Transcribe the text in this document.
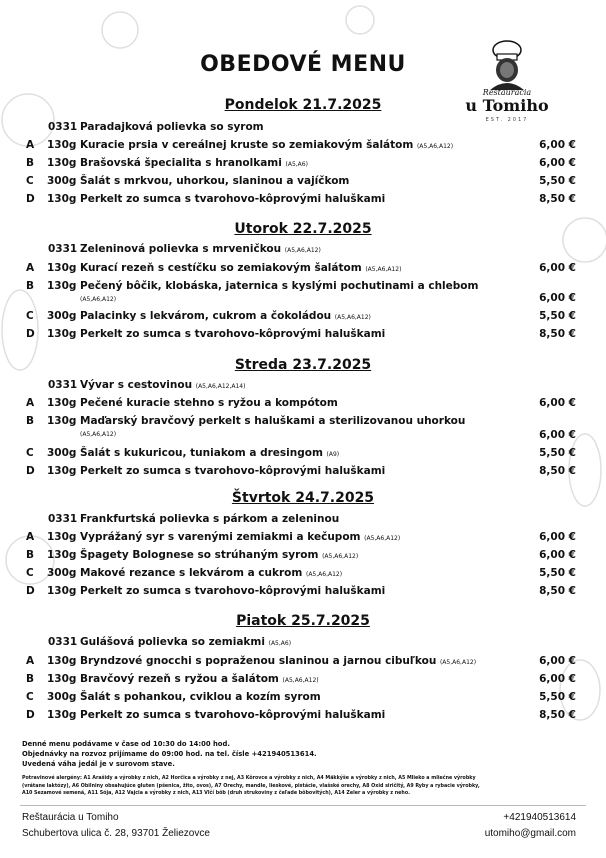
OBEDOVÉ MENU
Reštaurácia
u Tomiho
EST. 2017
Pondelok 21.7.2025
0331 Paradajková polievka so syrom
A 130g Kuracie prsia v cereálnej kruste so zemiakovým šalátom (A5,A6,A12)	6,00 €
B 130g Brašovská špecialita s hranolkami (A5,A6)	6,00 €
C 300g Šalát s mrkvou, uhorkou, slaninou a vajíčkom	5,50 €
D 130g Perkelt zo sumca s tvarohovo-kôprovými haluškami	8,50 €
Utorok 22.7.2025
0331 Zeleninová polievka s mrveničkou (A5,A6,A12)
A 130g Kurací rezeň s cestíčku so zemiakovým šalátom (A5,A6,A12)	6,00 €
B 130g Pečený bôčik, klobáska, jaternica s kyslými pochutinami a chlebom
(A5,A6,A12)	6,00 €
C 300g Palacinky s lekvárom, cukrom a čokoládou (A5,A6,A12)	5,50 €
D 130g Perkelt zo sumca s tvarohovo-kôprovými haluškami	8,50 €
Streda 23.7.2025
0331 Vývar s cestovinou (A5,A6,A12,A14)
A 130g Pečené kuracie stehno s ryžou a kompótom	6,00 €
B 130g Maďarský bravčový perkelt s haluškami a sterilizovanou uhorkou
(A5,A6,A12)	6,00 €
C 300g Šalát s kukuricou, tuniakom a dresingom (A9)	5,50 €
D 130g Perkelt zo sumca s tvarohovo-kôprovými haluškami	8,50 €
Štvrtok 24.7.2025
0331 Frankfurtská polievka s párkom a zeleninou
A 130g Vyprážaný syr s varenými zemiakmi a kečupom (A5,A6,A12)	6,00 €
B 130g Špagety Bolognese so strúhaným syrom (A5,A6,A12)	6,00 €
C 300g Makové rezance s lekvárom a cukrom (A5,A6,A12)	5,50 €
D 130g Perkelt zo sumca s tvarohovo-kôprovými haluškami	8,50 €
Piatok 25.7.2025
0331 Gulášová polievka so zemiakmi (A5,A6)
A 130g Bryndzové gnocchi s popraženou slaninou a jarnou cibuľkou (A5,A6,A12)	6,00 €
B 130g Bravčový rezeň s ryžou a šalátom (A5,A6,A12)	6,00 €
C 300g Šalát s pohankou, cviklou a kozím syrom	5,50 €
D 130g Perkelt zo sumca s tvarohovo-kôprovými haluškami	8,50 €
Denné menu podávame v čase od 10:30 do 14:00 hod.
Objednávky na rozvoz prijímame do 09:00 hod. na tel. čísle +421940513614.
Uvedená váha jedál je v surovom stave.
Potravinové alergény: A1 Arašidy a výrobky z nich, A2 Horčica a výrobky z nej, A3 Kôrovce a výrobky z nich, A4 Mäkkýše a výrobky z nich, A5 Mlieko a mliečne výrobky
(vrátane laktózy), A6 Obilniny obsahujúce gluten (pšenica, žito, ovos), A7 Orechy, mandle, lieskové, pistácie, vlašské orechy, A8 Oxid siričitý, A9 Ryby a rybacie výrobky,
A10 Sezamové semená, A11 Sója, A12 Vajcia a výrobky z nich, A13 Vlčí bôb (druh strukoviny z čeľade bôbovitých), A14 Zeler a výrobky z neho.
Reštaurácia u Tomiho
Schubertova ulica č. 28, 93701 Želiezovce
+421940513614
utomiho@gmail.com
